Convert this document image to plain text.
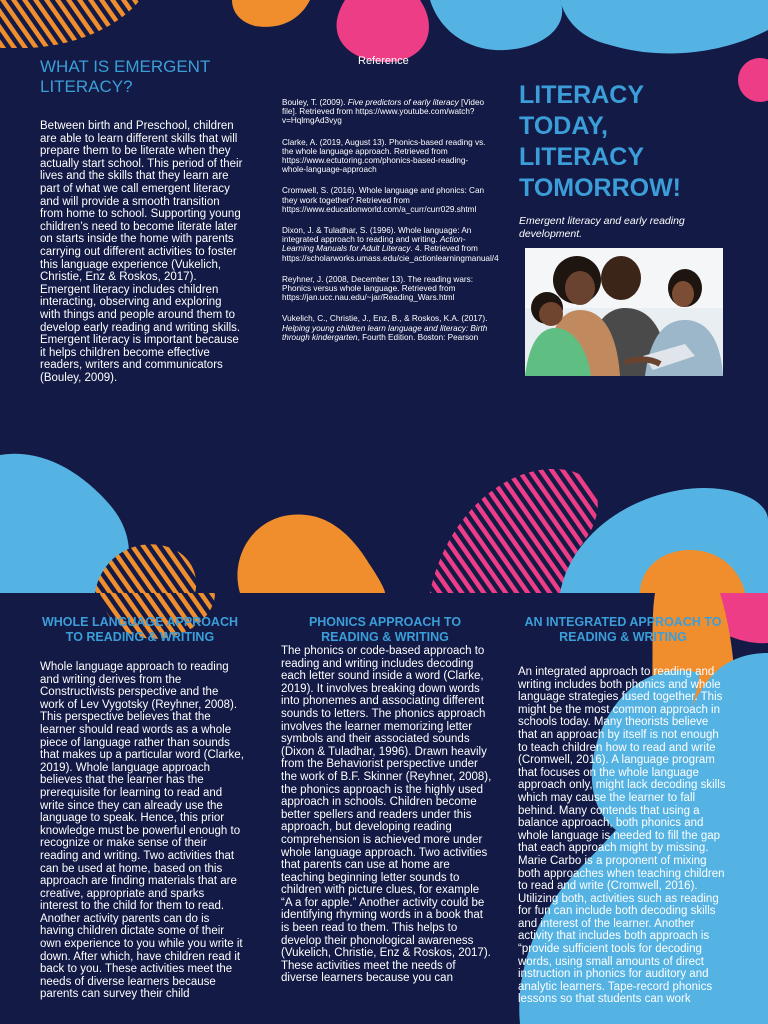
WHAT IS EMERGENT LITERACY?
Between birth and Preschool, children are able to learn different skills that will prepare them to be literate when they actually start school. This period of their lives and the skills that they learn are part of what we call emergent literacy and will provide a smooth transition from home to school. Supporting young children’s need to become literate later on starts inside the home with parents carrying out different activities to foster this language experience (Vukelich, Christie, Enz & Roskos, 2017). Emergent literacy includes children interacting, observing and exploring with things and people around them to develop early reading and writing skills. Emergent literacy is important because it helps children become effective readers, writers and communicators (Bouley, 2009).
Reference

Bouley, T. (2009). Five predictors of early literacy [Video file]. Retrieved from https://www.youtube.com/watch?v=HqlmgAd3vyg

Clarke, A. (2019, August 13). Phonics-based reading vs. the whole language approach. Retrieved from https://www.ectutoring.com/phonics-based-reading-whole-language-approach

Cromwell, S. (2016). Whole language and phonics: Can they work together? Retrieved from https://www.educationworld.com/a_curr/curr029.shtml

Dixon, J. & Tuladhar, S. (1996). Whole language: An integrated approach to reading and writing. Action-Learning Manuals for Adult Literacy. 4. Retrieved from https://scholarworks.umass.edu/cie_actionlearningmanual/4

Reyhner, J. (2008, December 13). The reading wars: Phonics versus whole language. Retrieved from https://jan.ucc.nau.edu/~jar/Reading_Wars.html

Vukelich, C., Christie, J., Enz, B., & Roskos, K.A. (2017). Helping young children learn language and literacy: Birth through kindergarten, Fourth Edition. Boston: Pearson

LITERACY
TODAY,
LITERACY
TOMORROW!
Emergent literacy and early reading development.
WHOLE LANGUAGE APPROACH TO READING & WRITING
Whole language approach to reading and writing derives from the Constructivists perspective and the work of Lev Vygotsky (Reyhner, 2008). This perspective believes that the learner should read words as a whole piece of language rather than sounds that makes up a particular word (Clarke, 2019). Whole language approach believes that the learner has the prerequisite for learning to read and write since they can already use the language to speak. Hence, this prior knowledge must be powerful enough to recognize or make sense of their reading and writing. Two activities that can be used at home, based on this approach are finding materials that are creative, appropriate and sparks interest to the child for them to read. Another activity parents can do is having children dictate some of their own experience to you while you write it down. After which, have children read it back to you. These activities meet the needs of diverse learners because parents can survey their child
PHONICS APPROACH TO READING & WRITING
The phonics or code-based approach to reading and writing includes decoding each letter sound inside a word (Clarke, 2019). It involves breaking down words into phonemes and associating different sounds to letters. The phonics approach involves the learner memorizing letter symbols and their associated sounds (Dixon & Tuladhar, 1996). Drawn heavily from the Behaviorist perspective under the work of B.F. Skinner (Reyhner, 2008), the phonics approach is the highly used approach in schools. Children become better spellers and readers under this approach, but developing reading comprehension is achieved more under whole language approach. Two activities that parents can use at home are teaching beginning letter sounds to children with picture clues, for example “A a for apple.” Another activity could be identifying rhyming words in a book that is been read to them. This helps to develop their phonological awareness (Vukelich, Christie, Enz & Roskos, 2017). These activities meet the needs of diverse learners because you can
AN INTEGRATED APPROACH TO READING & WRITING
An integrated approach to reading and writing includes both phonics and whole language strategies fused together. This might be the most common approach in schools today. Many theorists believe that an approach by itself is not enough to teach children how to read and write (Cromwell, 2016). A language program that focuses on the whole language approach only, might lack decoding skills which may cause the learner to fall behind. Many contends that using a balance approach, both phonics and whole language is needed to fill the gap that each approach might by missing. Marie Carbo is a proponent of mixing both approaches when teaching children to read and write (Cromwell, 2016). Utilizing both, activities such as reading for fun can include both decoding skills and interest of the learner. Another activity that includes both approach is “provide sufficient tools for decoding words, using small amounts of direct instruction in phonics for auditory and analytic learners. Tape-record phonics lessons so that students can work
